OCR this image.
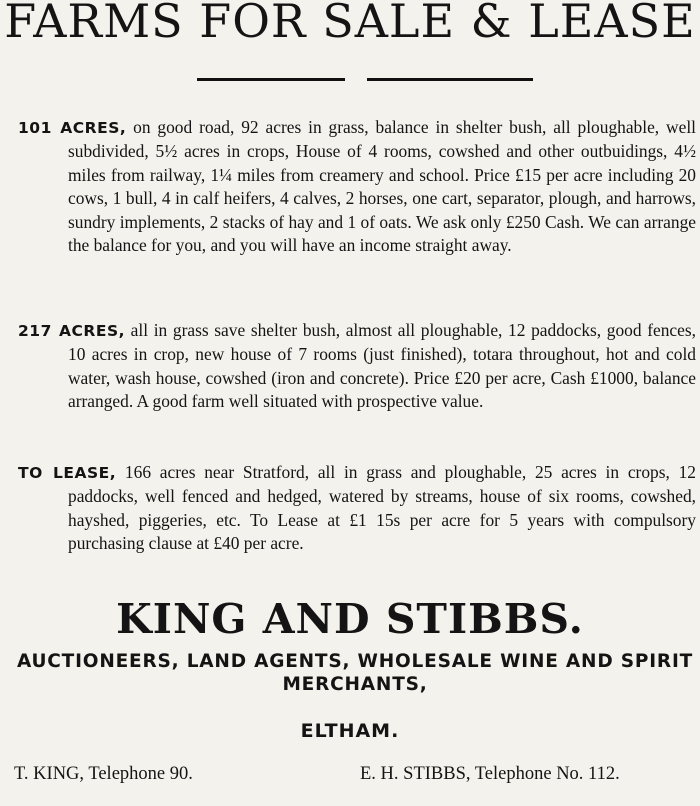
FARMS FOR SALE & LEASE
101 ACRES, on good road, 92 acres in grass, balance in shelter bush, all ploughable, well subdivided, 5½ acres in crops, House of 4 rooms, cowshed and other outbuidings, 4½ miles from railway, 1¼ miles from creamery and school. Price £15 per acre including 20 cows, 1 bull, 4 in calf heifers, 4 calves, 2 horses, one cart, separator, plough, and harrows, sundry implements, 2 stacks of hay and 1 of oats. We ask only £250 Cash. We can arrange the balance for you, and you will have an income straight away.
217 ACRES, all in grass save shelter bush, almost all ploughable, 12 paddocks, good fences, 10 acres in crop, new house of 7 rooms (just finished), totara throughout, hot and cold water, wash house, cowshed (iron and concrete). Price £20 per acre, Cash £1000, balance arranged. A good farm well situated with prospective value.
TO LEASE, 166 acres near Stratford, all in grass and ploughable, 25 acres in crops, 12 paddocks, well fenced and hedged, watered by streams, house of six rooms, cowshed, hayshed, piggeries, etc. To Lease at £1 15s per acre for 5 years with compulsory purchasing clause at £40 per acre.
KING AND STIBBS.
AUCTIONEERS, LAND AGENTS, WHOLESALE WINE AND SPIRIT MERCHANTS,
ELTHAM.
T. KING, Telephone 90.	E. H. STIBBS, Telephone No. 112.
